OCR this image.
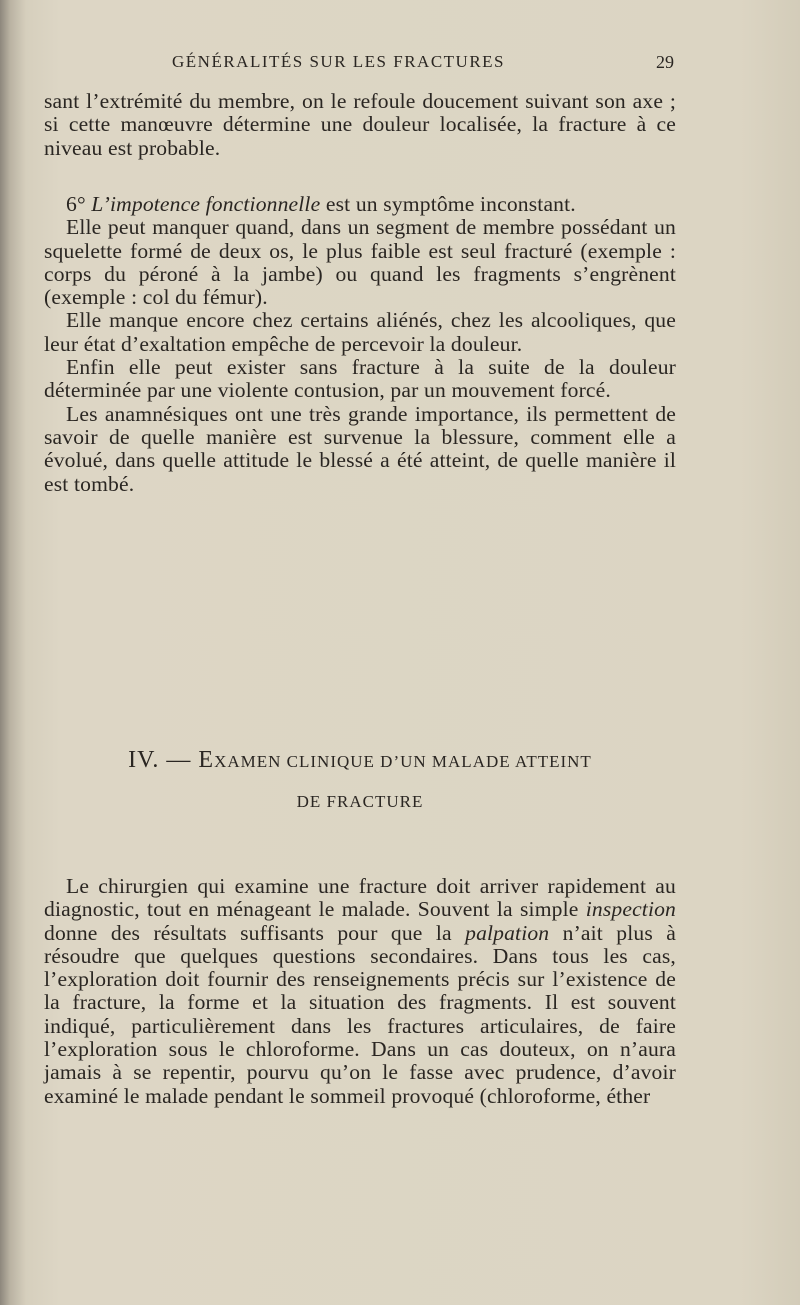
GÉNÉRALITÉS SUR LES FRACTURES	29

sant l’extrémité du membre, on le refoule doucement suivant son axe ; si cette manœuvre détermine une douleur localisée, la fracture à ce niveau est probable.

6° L’impotence fonctionnelle est un symptôme inconstant.

Elle peut manquer quand, dans un segment de membre possédant un squelette formé de deux os, le plus faible est seul fracturé (exemple : corps du péroné à la jambe) ou quand les fragments s’engrènent (exemple : col du fémur).

Elle manque encore chez certains aliénés, chez les alcooliques, que leur état d’exaltation empêche de percevoir la douleur.

Enfin elle peut exister sans fracture à la suite de la douleur déterminée par une violente contusion, par un mouvement forcé.

Les anamnésiques ont une très grande importance, ils permettent de savoir de quelle manière est survenue la blessure, comment elle a évolué, dans quelle attitude le blessé a été atteint, de quelle manière il est tombé.

IV. — EXAMEN CLINIQUE D’UN MALADE ATTEINT
DE FRACTURE

Le chirurgien qui examine une fracture doit arriver rapidement au diagnostic, tout en ménageant le malade. Souvent la simple inspection donne des résultats suffisants pour que la palpation n’ait plus à résoudre que quelques questions secondaires. Dans tous les cas, l’exploration doit fournir des renseignements précis sur l’existence de la fracture, la forme et la situation des fragments. Il est souvent indiqué, particulièrement dans les fractures articulaires, de faire l’exploration sous le chloroforme. Dans un cas douteux, on n’aura jamais à se repentir, pourvu qu’on le fasse avec prudence, d’avoir examiné le malade pendant le sommeil provoqué (chloroforme, éther
